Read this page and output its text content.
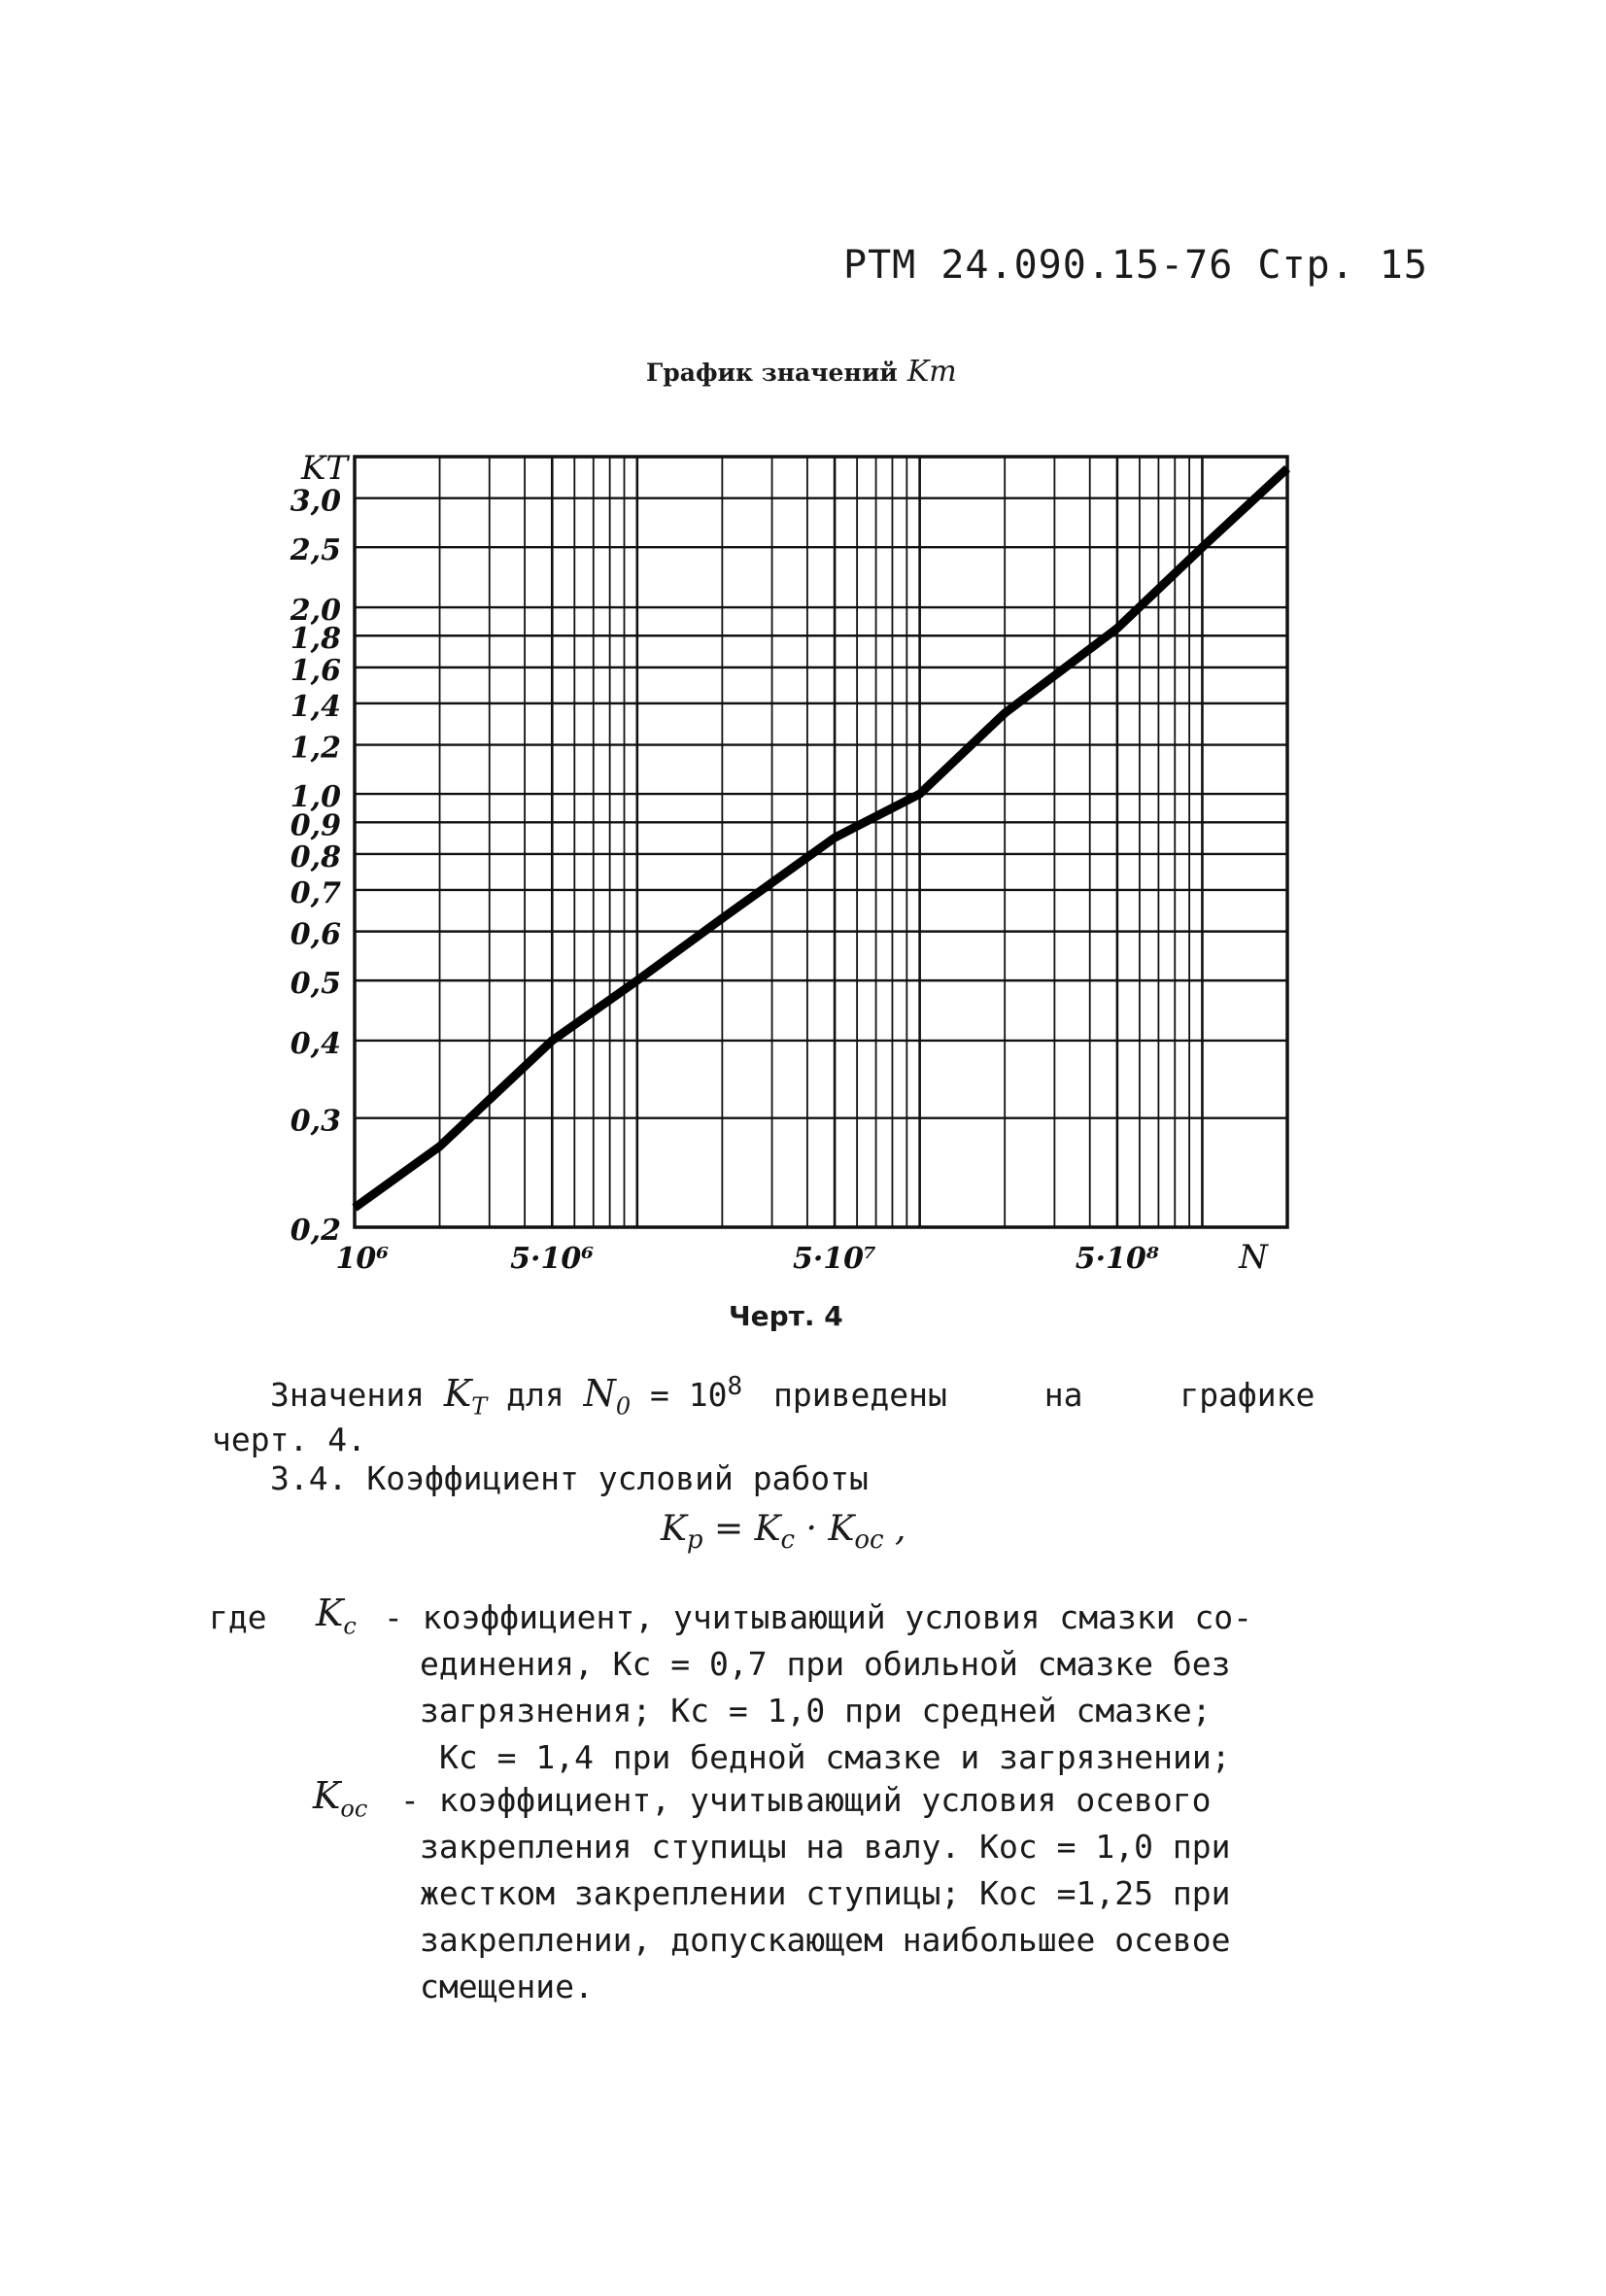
РТМ 24.090.15-76 Стр. 15
График значений Km
3,0
2,5
2,0
1,8
1,6
1,4
1,2
1,0
0,9
0,8
0,7
0,6
0,5
0,4
0,3
0,2
KT
10⁶	5·10⁶	5·10⁷	5·10⁸ N
Черт. 4
Значения $K_T$ для $N_0 = 10^8$ приведены	на	графике
черт. 4.
3.4. Коэффициент условий работы
$K_p = K_c \cdot K_{oc}$ ,
где $K_c$ - коэффициент, учитывающий условия смазки со-
единения, Kc = 0,7 при обильной смазке без
загрязнения; Kc = 1,0 при средней смазке;
Kc = 1,4 при бедной смазке и загрязнении;
$K_{oc}$ - коэффициент, учитывающий условия осевого
закрепления ступицы на валу. Koc = 1,0 при
жестком закреплении ступицы; Koc =1,25 при
закреплении, допускающем наибольшее осевое
смещение.
